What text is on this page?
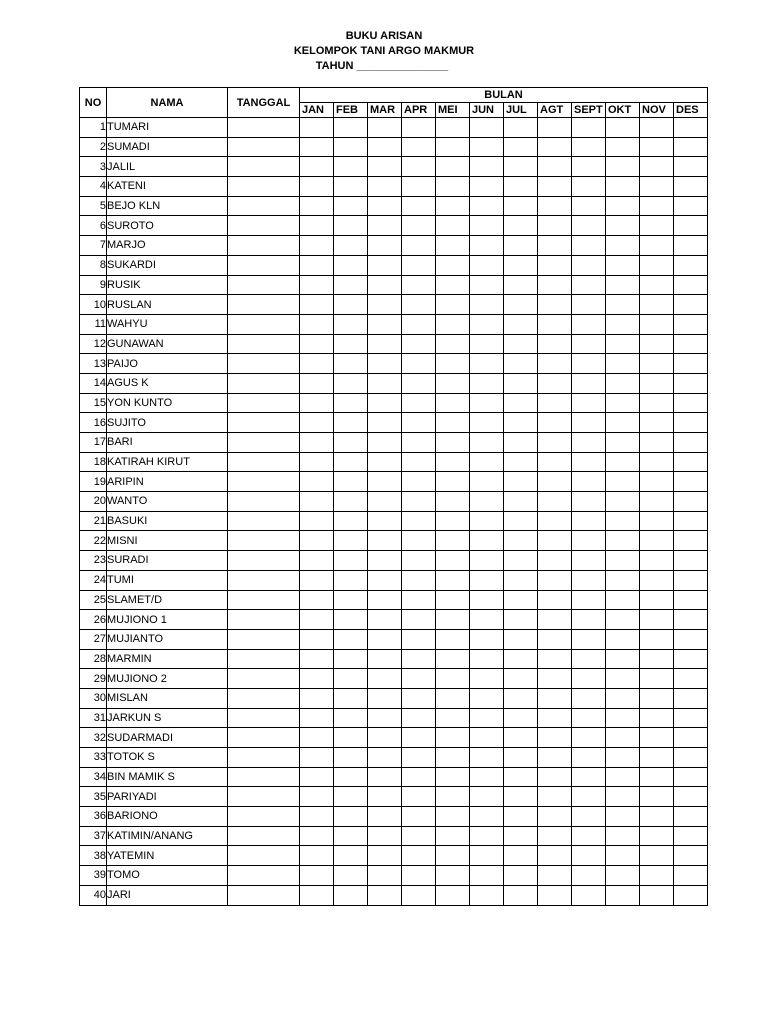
BUKU ARISAN
KELOMPOK TANI ARGO MAKMUR
TAHUN _______________
NO	NAMA	TANGGAL	BULAN											
			JAN	FEB	MAR	APR	MEI	JUN	JUL	AGT	SEPT	OKT	NOV	DES
1	TUMARI													
2	SUMADI													
3	JALIL													
4	KATENI													
5	BEJO KLN													
6	SUROTO													
7	MARJO													
8	SUKARDI													
9	RUSIK													
10	RUSLAN													
11	WAHYU													
12	GUNAWAN													
13	PAIJO													
14	AGUS K													
15	YON KUNTO													
16	SUJITO													
17	BARI													
18	KATIRAH KIRUT													
19	ARIPIN													
20	WANTO													
21	BASUKI													
22	MISNI													
23	SURADI													
24	TUMI													
25	SLAMET/D													
26	MUJIONO 1													
27	MUJIANTO													
28	MARMIN													
29	MUJIONO 2													
30	MISLAN													
31	JARKUN S													
32	SUDARMADI													
33	TOTOK S													
34	BIN MAMIK S													
35	PARIYADI													
36	BARIONO													
37	KATIMIN/ANANG													
38	YATEMIN													
39	TOMO													
40	JARI													
